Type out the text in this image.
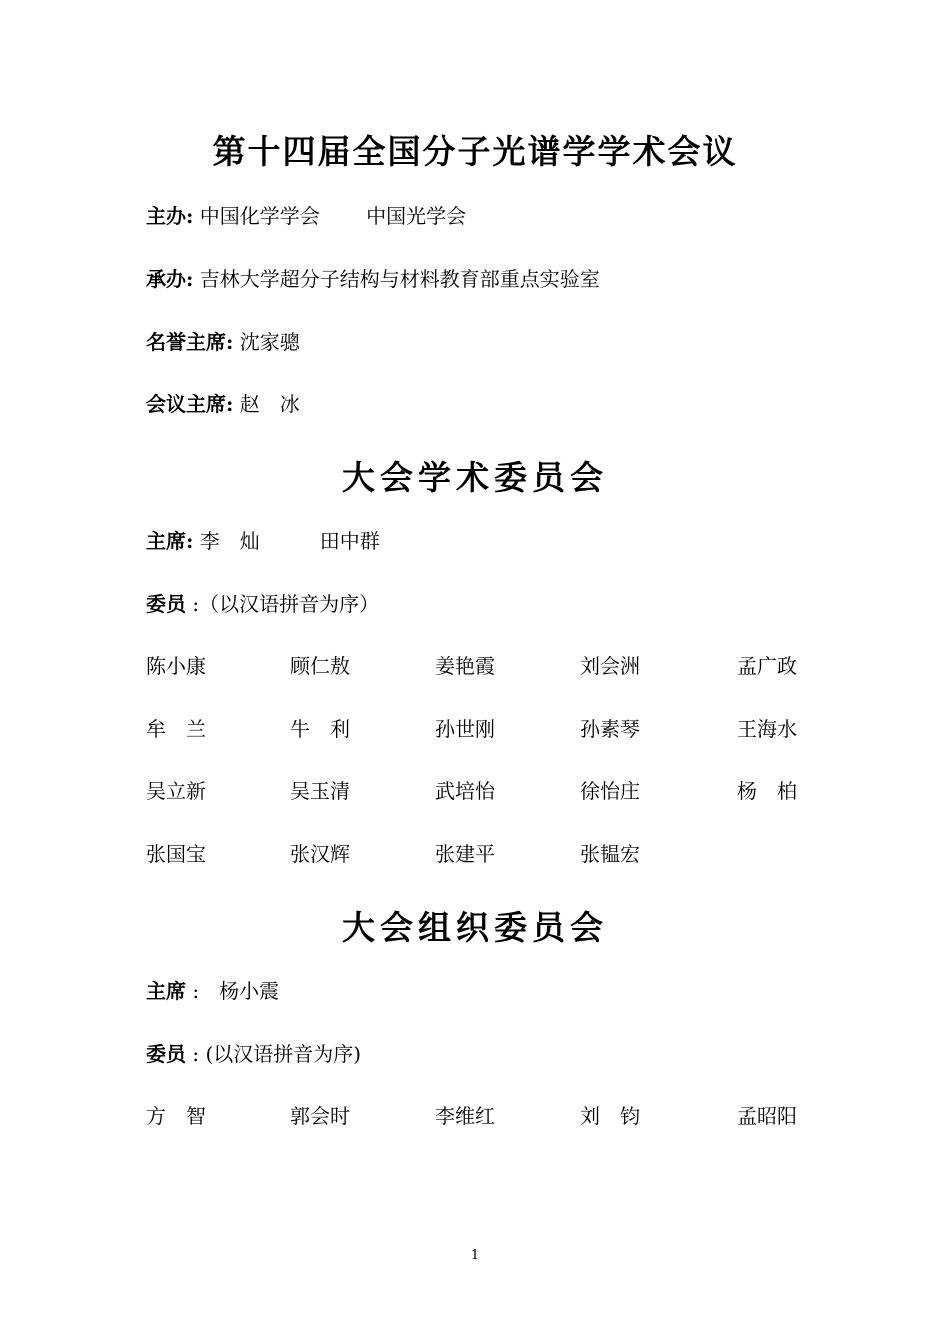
第十四届全国分子光谱学学术会议
主办: 中国化学学会　　 中国光学会
承办: 吉林大学超分子结构与材料教育部重点实验室
名誉主席: 沈家骢
会议主席: 赵　冰
大会学术委员会
主席: 李　灿　　　田中群
委员 :（以汉语拼音为序）
陈小康	顾仁敖	姜艳霞	刘会洲	孟广政
牟　兰	牛　利	孙世刚	孙素琴	王海水
吴立新	吴玉清	武培怡	徐怡庄	杨　柏
张国宝	张汉辉	张建平	张韫宏
大会组织委员会
主席 :　杨小震
委员 : (以汉语拼音为序)
方　智	郭会时	李维红	刘　钧	孟昭阳
1
